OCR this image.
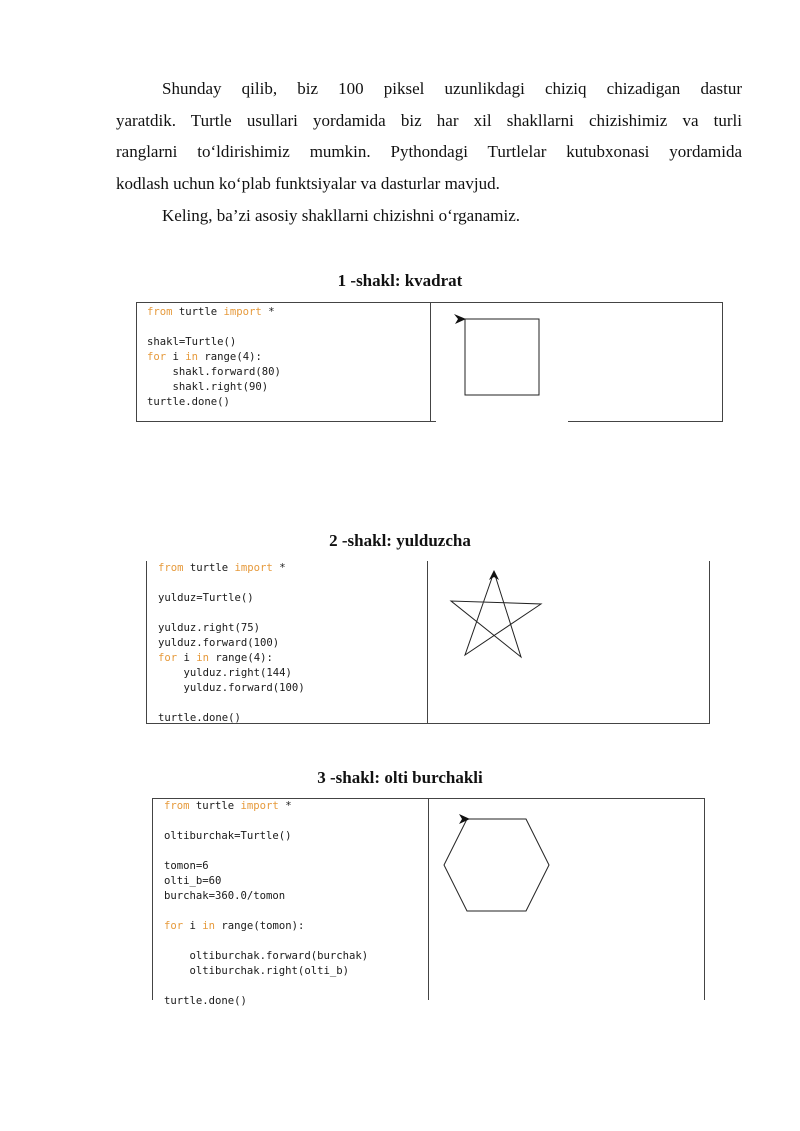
Shunday qilib, biz 100 piksel uzunlikdagi chiziq chizadigan dastur
yaratdik. Turtle usullari yordamida biz har xil shakllarni chizishimiz va turli
ranglarni to‘ldirishimiz mumkin. Pythondagi Turtlelar kutubxonasi yordamida
kodlash uchun ko‘plab funktsiyalar va dasturlar mavjud.
Keling, ba’zi asosiy shakllarni chizishni o‘rganamiz.
1 -shakl: kvadrat
from turtle import *
shakl=Turtle()
for i in range(4):
shakl.forward(80)
shakl.right(90)
turtle.done()
2 -shakl: yulduzcha
from turtle import *
yulduz=Turtle()
yulduz.right(75)
yulduz.forward(100)
for i in range(4):
yulduz.right(144)
yulduz.forward(100)
turtle.done()
3 -shakl: olti burchakli
from turtle import *
oltiburchak=Turtle()
tomon=6
olti_b=60
burchak=360.0/tomon
for i in range(tomon):
oltiburchak.forward(burchak)
oltiburchak.right(olti_b)
turtle.done()
